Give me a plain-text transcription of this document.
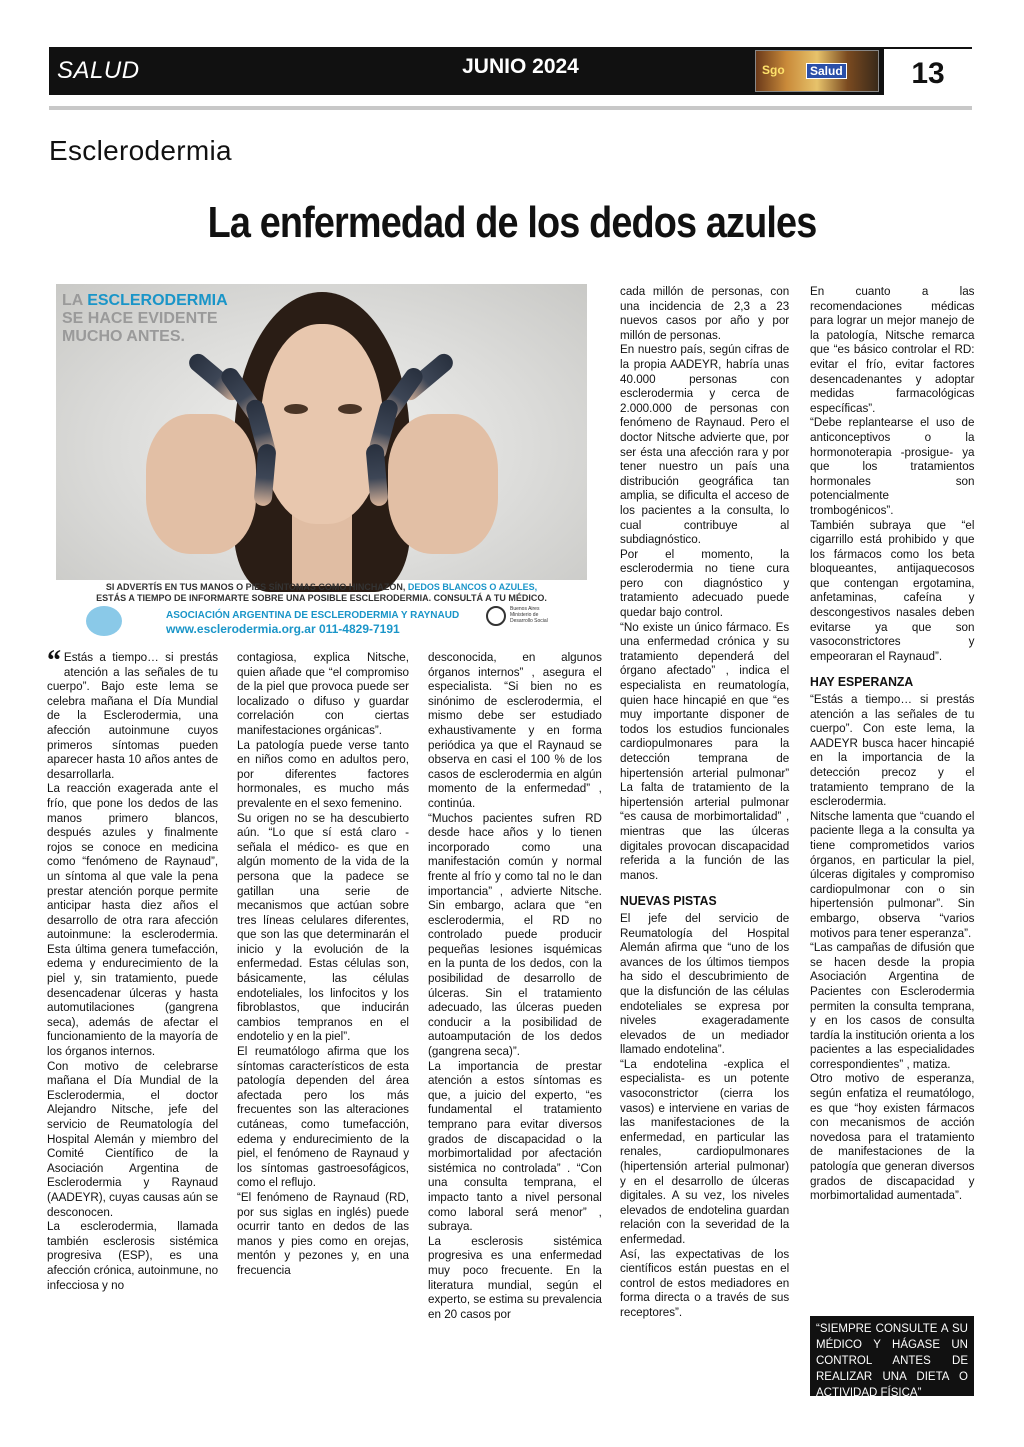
SALUD	JUNIO 2024	Sgo	Salud	13
Esclerodermia
La enfermedad de los dedos azules
LA ESCLERODERMIA
SE HACE EVIDENTE
MUCHO ANTES.
SI ADVERTÍS EN TUS MANOS O PIES SÍNTOMAS COMO HINCHAZÓN, DEDOS BLANCOS O AZULES,
ESTÁS A TIEMPO DE INFORMARTE SOBRE UNA POSIBLE ESCLERODERMIA. CONSULTÁ A TU MÉDICO.
ASOCIACIÓN ARGENTINA DE ESCLERODERMIA Y RAYNAUD
www.esclerodermia.org.ar 011-4829-7191
Buenos Aires Ministerio de Desarrollo Social

“ Estás a tiempo… si prestás atención a las señales de tu cuerpo”. Bajo este lema se celebra mañana el Día Mundial de la Esclerodermia, una afección autoinmune cuyos primeros síntomas pueden aparecer hasta 10 años antes de desarrollarla.

La reacción exagerada ante el frío, que pone los dedos de las manos primero blancos, después azules y finalmente rojos se conoce en medicina como “fenómeno de Raynaud”, un síntoma al que vale la pena prestar atención porque permite anticipar hasta diez años el desarrollo de otra rara afección autoinmune: la esclerodermia. Esta última genera tumefacción, edema y endurecimiento de la piel y, sin tratamiento, puede desencadenar úlceras y hasta automutilaciones (gangrena seca), además de afectar el funcionamiento de la mayoría de los órganos internos.

Con motivo de celebrarse mañana el Día Mundial de la Esclerodermia, el doctor Alejandro Nitsche, jefe del servicio de Reumatología del Hospital Alemán y miembro del Comité Científico de la Asociación Argentina de Esclerodermia y Raynaud (AADEYR), cuyas causas aún se desconocen.

La esclerodermia, llamada también esclerosis sistémica progresiva (ESP), es una afección crónica, autoinmune, no infecciosa y no

contagiosa, explica Nitsche, quien añade que “el compromiso de la piel que provoca puede ser localizado o difuso y guardar correlación con ciertas manifestaciones orgánicas”.

La patología puede verse tanto en niños como en adultos pero, por diferentes factores hormonales, es mucho más prevalente en el sexo femenino.

Su origen no se ha descubierto aún. “Lo que sí está claro -señala el médico- es que en algún momento de la vida de la persona que la padece se gatillan una serie de mecanismos que actúan sobre tres líneas celulares diferentes, que son las que determinarán el inicio y la evolución de la enfermedad. Estas células son, básicamente, las células endoteliales, los linfocitos y los fibroblastos, que inducirán cambios tempranos en el endotelio y en la piel”.

El reumatólogo afirma que los síntomas característicos de esta patología dependen del área afectada pero los más frecuentes son las alteraciones cutáneas, como tumefacción, edema y endurecimiento de la piel, el fenómeno de Raynaud y los síntomas gastroesofágicos, como el reflujo.

“El fenómeno de Raynaud (RD, por sus siglas en inglés) puede ocurrir tanto en dedos de las manos y pies como en orejas, mentón y pezones y, en una frecuencia

desconocida, en algunos órganos internos” , asegura el especialista. “Si bien no es sinónimo de esclerodermia, el mismo debe ser estudiado exhaustivamente y en forma periódica ya que el Raynaud se observa en casi el 100 % de los casos de esclerodermia en algún momento de la enfermedad” , continúa.

“Muchos pacientes sufren RD desde hace años y lo tienen incorporado como una manifestación común y normal frente al frío y como tal no le dan importancia” , advierte Nitsche. Sin embargo, aclara que “en esclerodermia, el RD no controlado puede producir pequeñas lesiones isquémicas en la punta de los dedos, con la posibilidad de desarrollo de úlceras. Sin el tratamiento adecuado, las úlceras pueden conducir a la posibilidad de autoamputación de los dedos (gangrena seca)”.

La importancia de prestar atención a estos síntomas es que, a juicio del experto, “es fundamental el tratamiento temprano para evitar diversos grados de discapacidad o la morbimortalidad por afectación sistémica no controlada” . “Con una consulta temprana, el impacto tanto a nivel personal como laboral será menor” , subraya.

La esclerosis sistémica progresiva es una enfermedad muy poco frecuente. En la literatura mundial, según el experto, se estima su prevalencia en 20 casos por

cada millón de personas, con una incidencia de 2,3 a 23 nuevos casos por año y por millón de personas.

En nuestro país, según cifras de la propia AADEYR, habría unas 40.000 personas con esclerodermia y cerca de 2.000.000 de personas con fenómeno de Raynaud. Pero el doctor Nitsche advierte que, por ser ésta una afección rara y por tener nuestro un país una distribución geográfica tan amplia, se dificulta el acceso de los pacientes a la consulta, lo cual contribuye al subdiagnóstico.

Por el momento, la esclerodermia no tiene cura pero con diagnóstico y tratamiento adecuado puede quedar bajo control.

“No existe un único fármaco. Es una enfermedad crónica y su tratamiento dependerá del órgano afectado” , indica el especialista en reumatología, quien hace hincapié en que “es muy importante disponer de todos los estudios funcionales cardiopulmonares para la detección temprana de hipertensión arterial pulmonar” La falta de tratamiento de la hipertensión arterial pulmonar “es causa de morbimortalidad” , mientras que las úlceras digitales provocan discapacidad referida a la función de las manos.

NUEVAS PISTAS

El jefe del servicio de Reumatología del Hospital Alemán afirma que “uno de los avances de los últimos tiempos ha sido el descubrimiento de que la disfunción de las células endoteliales se expresa por niveles exageradamente elevados de un mediador llamado endotelina”.

“La endotelina -explica el especialista- es un potente vasoconstrictor (cierra los vasos) e interviene en varias de las manifestaciones de la enfermedad, en particular las renales, cardiopulmonares (hipertensión arterial pulmonar) y en el desarrollo de úlceras digitales. A su vez, los niveles elevados de endotelina guardan relación con la severidad de la enfermedad.

Así, las expectativas de los científicos están puestas en el control de estos mediadores en forma directa o a través de sus receptores”.

En cuanto a las recomendaciones médicas para lograr un mejor manejo de la patología, Nitsche remarca que “es básico controlar el RD: evitar el frío, evitar factores desencadenantes y adoptar medidas farmacológicas específicas”.

“Debe replantearse el uso de anticonceptivos o la hormonoterapia -prosigue- ya que los tratamientos hormonales son potencialmente trombogénicos”.

También subraya que “el cigarrillo está prohibido y que los fármacos como los beta bloqueantes, antijaquecosos que contengan ergotamina, anfetaminas, cafeína y descongestivos nasales deben evitarse ya que son vasoconstrictores y empeoraran el Raynaud”.

HAY ESPERANZA

“Estás a tiempo… si prestás atención a las señales de tu cuerpo”. Con este lema, la AADEYR busca hacer hincapié en la importancia de la detección precoz y el tratamiento temprano de la esclerodermia.

Nitsche lamenta que “cuando el paciente llega a la consulta ya tiene comprometidos varios órganos, en particular la piel, úlceras digitales y compromiso cardiopulmonar con o sin hipertensión pulmonar”. Sin embargo, observa “varios motivos para tener esperanza”.

“Las campañas de difusión que se hacen desde la propia Asociación Argentina de Pacientes con Esclerodermia permiten la consulta temprana, y en los casos de consulta tardía la institución orienta a los pacientes a las especialidades correspondientes” , matiza.

Otro motivo de esperanza, según enfatiza el reumatólogo, es que “hoy existen fármacos con mecanismos de acción novedosa para el tratamiento de manifestaciones de la patología que generan diversos grados de discapacidad y morbimortalidad aumentada”.

“SIEMPRE CONSULTE A SU MÉDICO Y HÁGASE UN CONTROL ANTES DE REALIZAR UNA DIETA O ACTIVIDAD FÍSICA”
